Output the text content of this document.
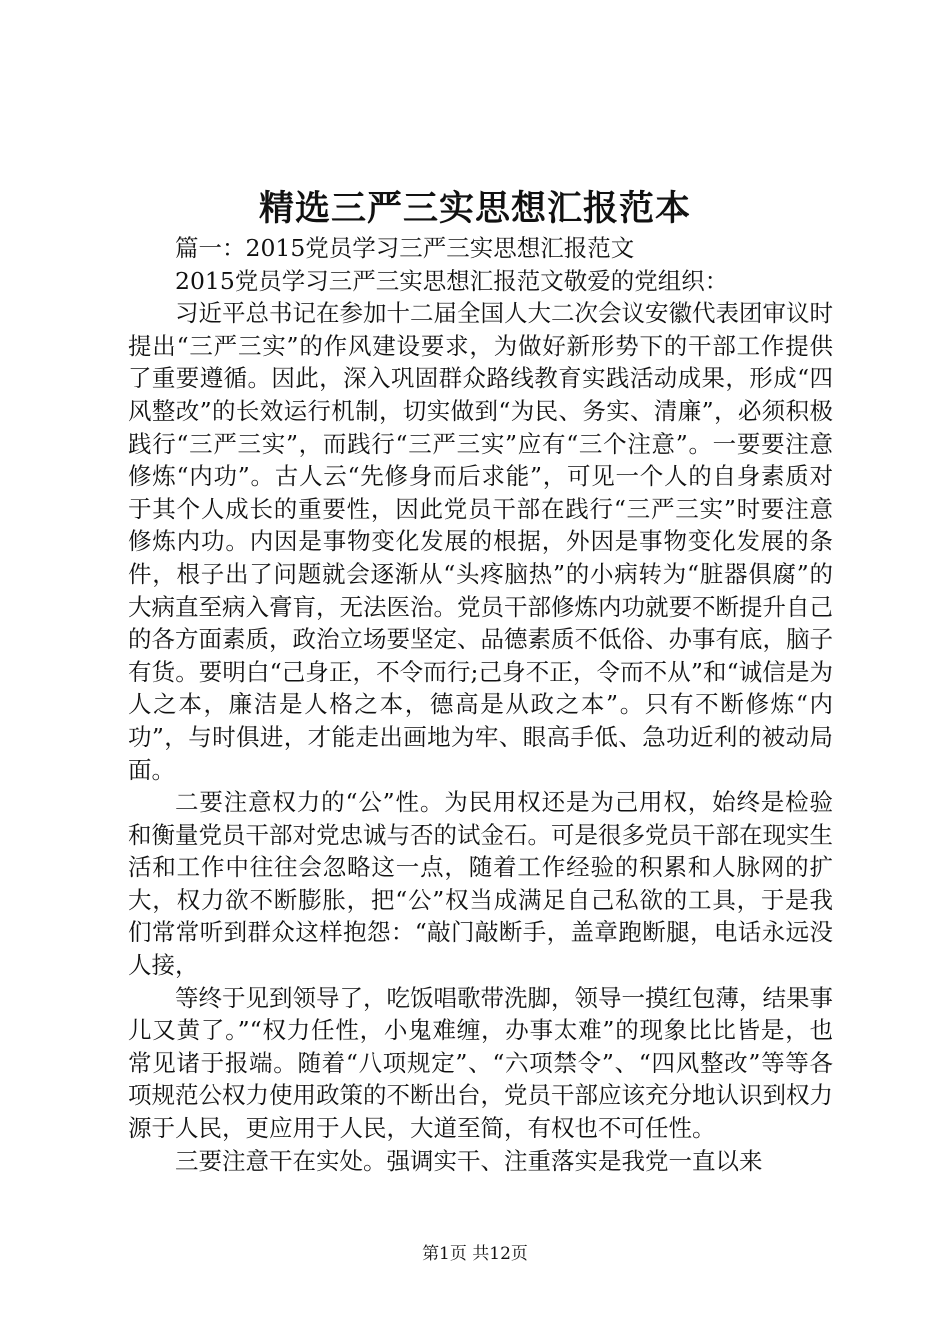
精选三严三实思想汇报范本

篇一：2015党员学习三严三实思想汇报范文

2015党员学习三严三实思想汇报范文敬爱的党组织：

习近平总书记在参加十二届全国人大二次会议安徽代表团审议时提出“三严三实”的作风建设要求，为做好新形势下的干部工作提供了重要遵循。因此，深入巩固群众路线教育实践活动成果，形成“四风整改”的长效运行机制，切实做到“为民、务实、清廉”，必须积极践行“三严三实”，而践行“三严三实”应有“三个注意”。一要要注意修炼“内功”。古人云“先修身而后求能”，可见一个人的自身素质对于其个人成长的重要性，因此党员干部在践行“三严三实”时要注意修炼内功。内因是事物变化发展的根据，外因是事物变化发展的条件，根子出了问题就会逐渐从“头疼脑热”的小病转为“脏器俱腐”的大病直至病入膏肓，无法医治。党员干部修炼内功就要不断提升自己的各方面素质，政治立场要坚定、品德素质不低俗、办事有底，脑子有货。要明白“己身正，不令而行;己身不正，令而不从”和“诚信是为人之本，廉洁是人格之本，德高是从政之本”。只有不断修炼“内功”，与时俱进，才能走出画地为牢、眼高手低、急功近利的被动局面。

二要注意权力的“公”性。为民用权还是为己用权，始终是检验和衡量党员干部对党忠诚与否的试金石。可是很多党员干部在现实生活和工作中往往会忽略这一点，随着工作经验的积累和人脉网的扩大，权力欲不断膨胀，把“公”权当成满足自己私欲的工具，于是我们常常听到群众这样抱怨：“敲门敲断手，盖章跑断腿，电话永远没人接，

等终于见到领导了，吃饭唱歌带洗脚，领导一摸红包薄，结果事儿又黄了。”“权力任性，小鬼难缠，办事太难”的现象比比皆是，也常见诸于报端。随着“八项规定”、“六项禁令”、“四风整改”等等各项规范公权力使用政策的不断出台，党员干部应该充分地认识到权力源于人民，更应用于人民，大道至简，有权也不可任性。

三要注意干在实处。强调实干、注重落实是我党一直以来

第1页 共12页
